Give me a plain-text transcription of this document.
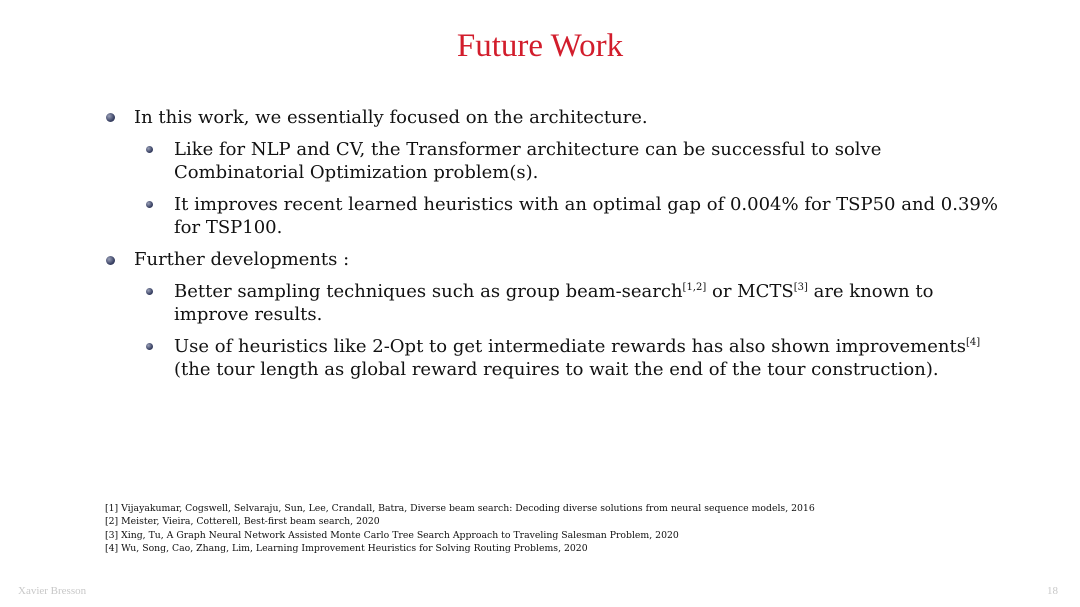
Future Work
In this work, we essentially focused on the architecture.
Like for NLP and CV, the Transformer architecture can be successful to solve
Combinatorial Optimization problem(s).
It improves recent learned heuristics with an optimal gap of 0.004% for TSP50 and 0.39%
for TSP100.
Further developments :
Better sampling techniques such as group beam-search[1,2] or MCTS[3] are known to
improve results.
Use of heuristics like 2-Opt to get intermediate rewards has also shown improvements[4]
(the tour length as global reward requires to wait the end of the tour construction).
[1] Vijayakumar, Cogswell, Selvaraju, Sun, Lee, Crandall, Batra, Diverse beam search: Decoding diverse solutions from neural sequence models, 2016
[2] Meister, Vieira, Cotterell, Best-first beam search, 2020
[3] Xing, Tu, A Graph Neural Network Assisted Monte Carlo Tree Search Approach to Traveling Salesman Problem, 2020
[4] Wu, Song, Cao, Zhang, Lim, Learning Improvement Heuristics for Solving Routing Problems, 2020
Xavier Bresson	18
